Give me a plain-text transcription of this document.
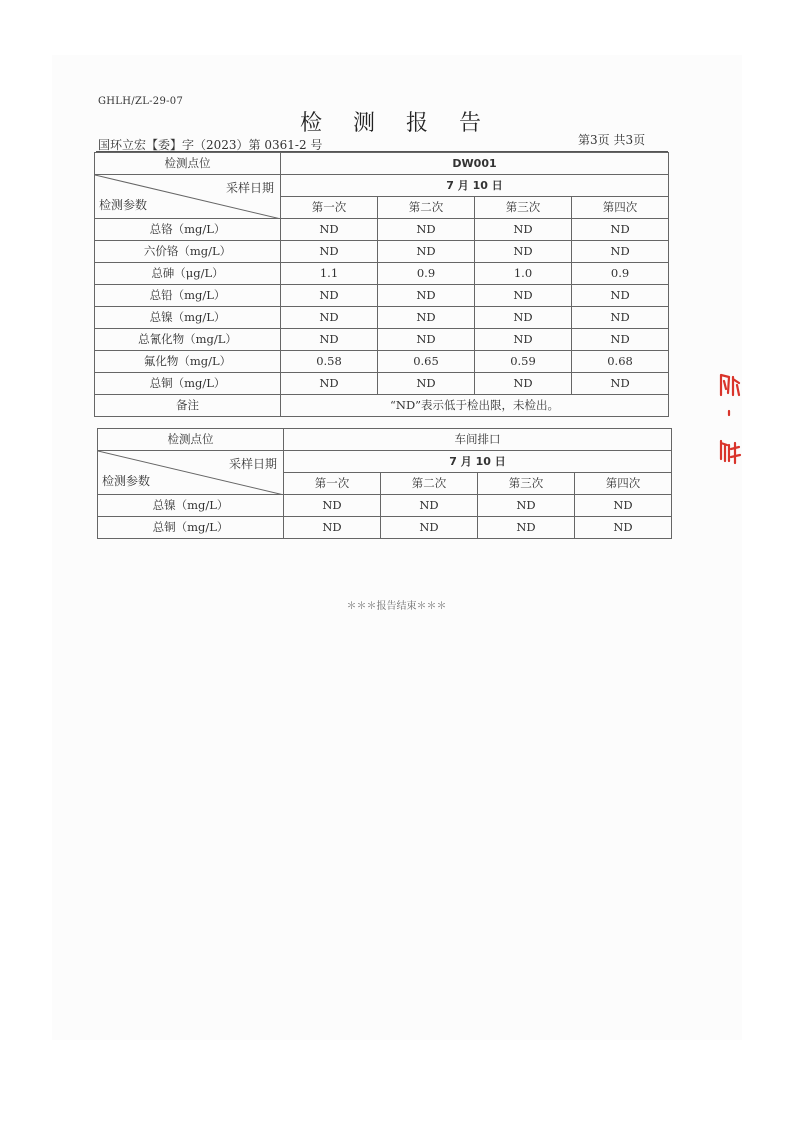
GHLH/ZL-29-07
检 测 报 告
国环立宏【委】字（2023）第 0361-2 号	第3页 共3页
检测点位	DW001			

采样日期
检测参数	7 月 10 日			
	第一次	第二次	第三次	第四次
总铬（mg/L）	ND	ND	ND	ND
六价铬（mg/L）	ND	ND	ND	ND
总砷（μg/L）	1.1	0.9	1.0	0.9
总铅（mg/L）	ND	ND	ND	ND
总镍（mg/L）	ND	ND	ND	ND
总氰化物（mg/L）	ND	ND	ND	ND
氟化物（mg/L）	0.58	0.65	0.59	0.68
总铜（mg/L）	ND	ND	ND	ND
备注	“ND”表示低于检出限，未检出。			
检测点位	车间排口			

采样日期
检测参数	7 月 10 日			
	第一次	第二次	第三次	第四次
总镍（mg/L）	ND	ND	ND	ND
总铜（mg/L）	ND	ND	ND	ND
＊＊＊报告结束＊＊＊
